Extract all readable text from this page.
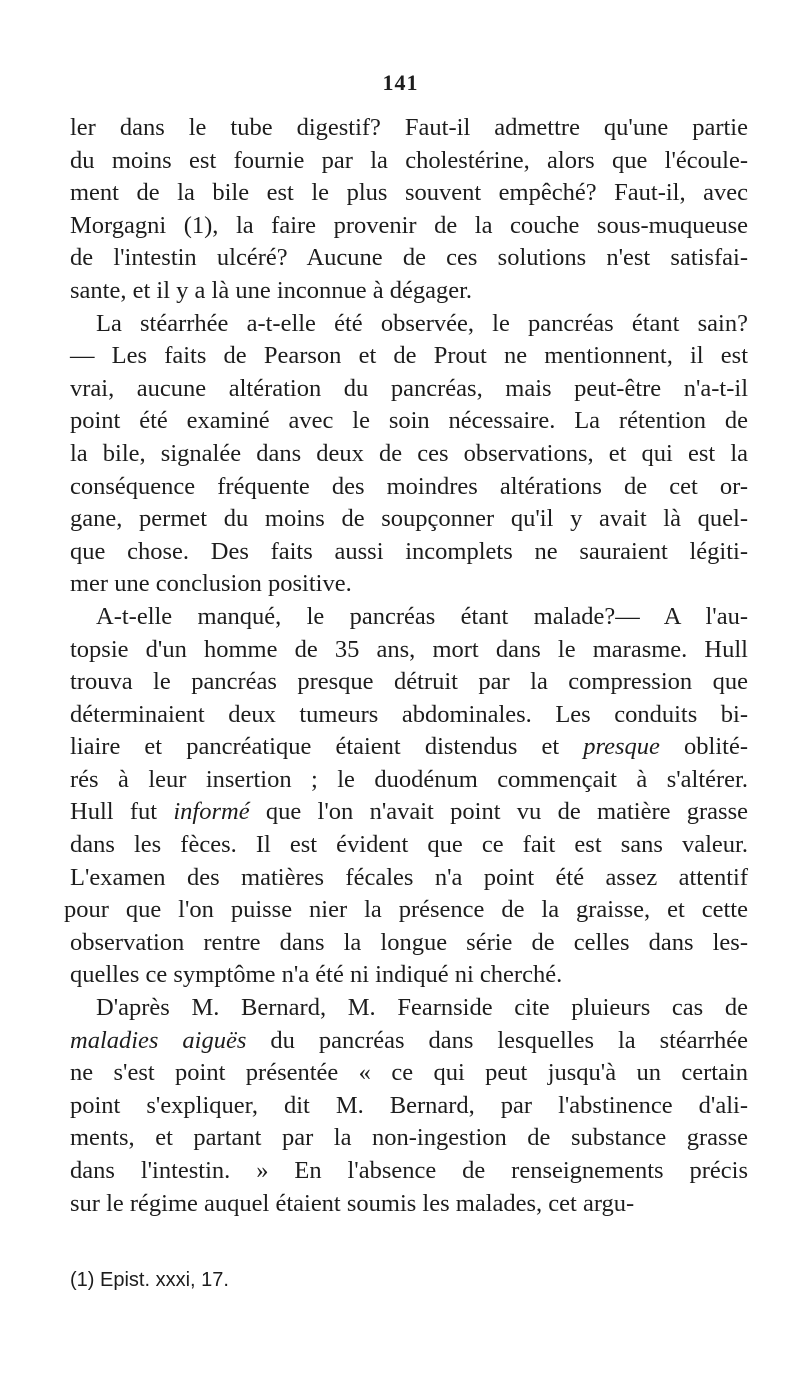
141
ler dans le tube digestif? Faut-il admettre qu'une partie
du moins est fournie par la cholestérine, alors que l'écoule-
ment de la bile est le plus souvent empêché? Faut-il, avec
Morgagni (1), la faire provenir de la couche sous-muqueuse
de l'intestin ulcéré? Aucune de ces solutions n'est satisfai-
sante, et il y a là une inconnue à dégager.
La stéarrhée a-t-elle été observée, le pancréas étant sain?
— Les faits de Pearson et de Prout ne mentionnent, il est
vrai, aucune altération du pancréas, mais peut-être n'a-t-il
point été examiné avec le soin nécessaire. La rétention de
la bile, signalée dans deux de ces observations, et qui est la
conséquence fréquente des moindres altérations de cet or-
gane, permet du moins de soupçonner qu'il y avait là quel-
que chose. Des faits aussi incomplets ne sauraient légiti-
mer une conclusion positive.
A-t-elle manqué, le pancréas étant malade?— A l'au-
topsie d'un homme de 35 ans, mort dans le marasme. Hull
trouva le pancréas presque détruit par la compression que
déterminaient deux tumeurs abdominales. Les conduits bi-
liaire et pancréatique étaient distendus et presque oblité-
rés à leur insertion ; le duodénum commençait à s'altérer.
Hull fut informé que l'on n'avait point vu de matière grasse
dans les fèces. Il est évident que ce fait est sans valeur.
L'examen des matières fécales n'a point été assez attentif
pour que l'on puisse nier la présence de la graisse, et cette
observation rentre dans la longue série de celles dans les-
quelles ce symptôme n'a été ni indiqué ni cherché.
D'après M. Bernard, M. Fearnside cite pluieurs cas de
maladies aiguës du pancréas dans lesquelles la stéarrhée
ne s'est point présentée « ce qui peut jusqu'à un certain
point s'expliquer, dit M. Bernard, par l'abstinence d'ali-
ments, et partant par la non-ingestion de substance grasse
dans l'intestin. » En l'absence de renseignements précis
sur le régime auquel étaient soumis les malades, cet argu-
(1) Epist. xxxi, 17.
